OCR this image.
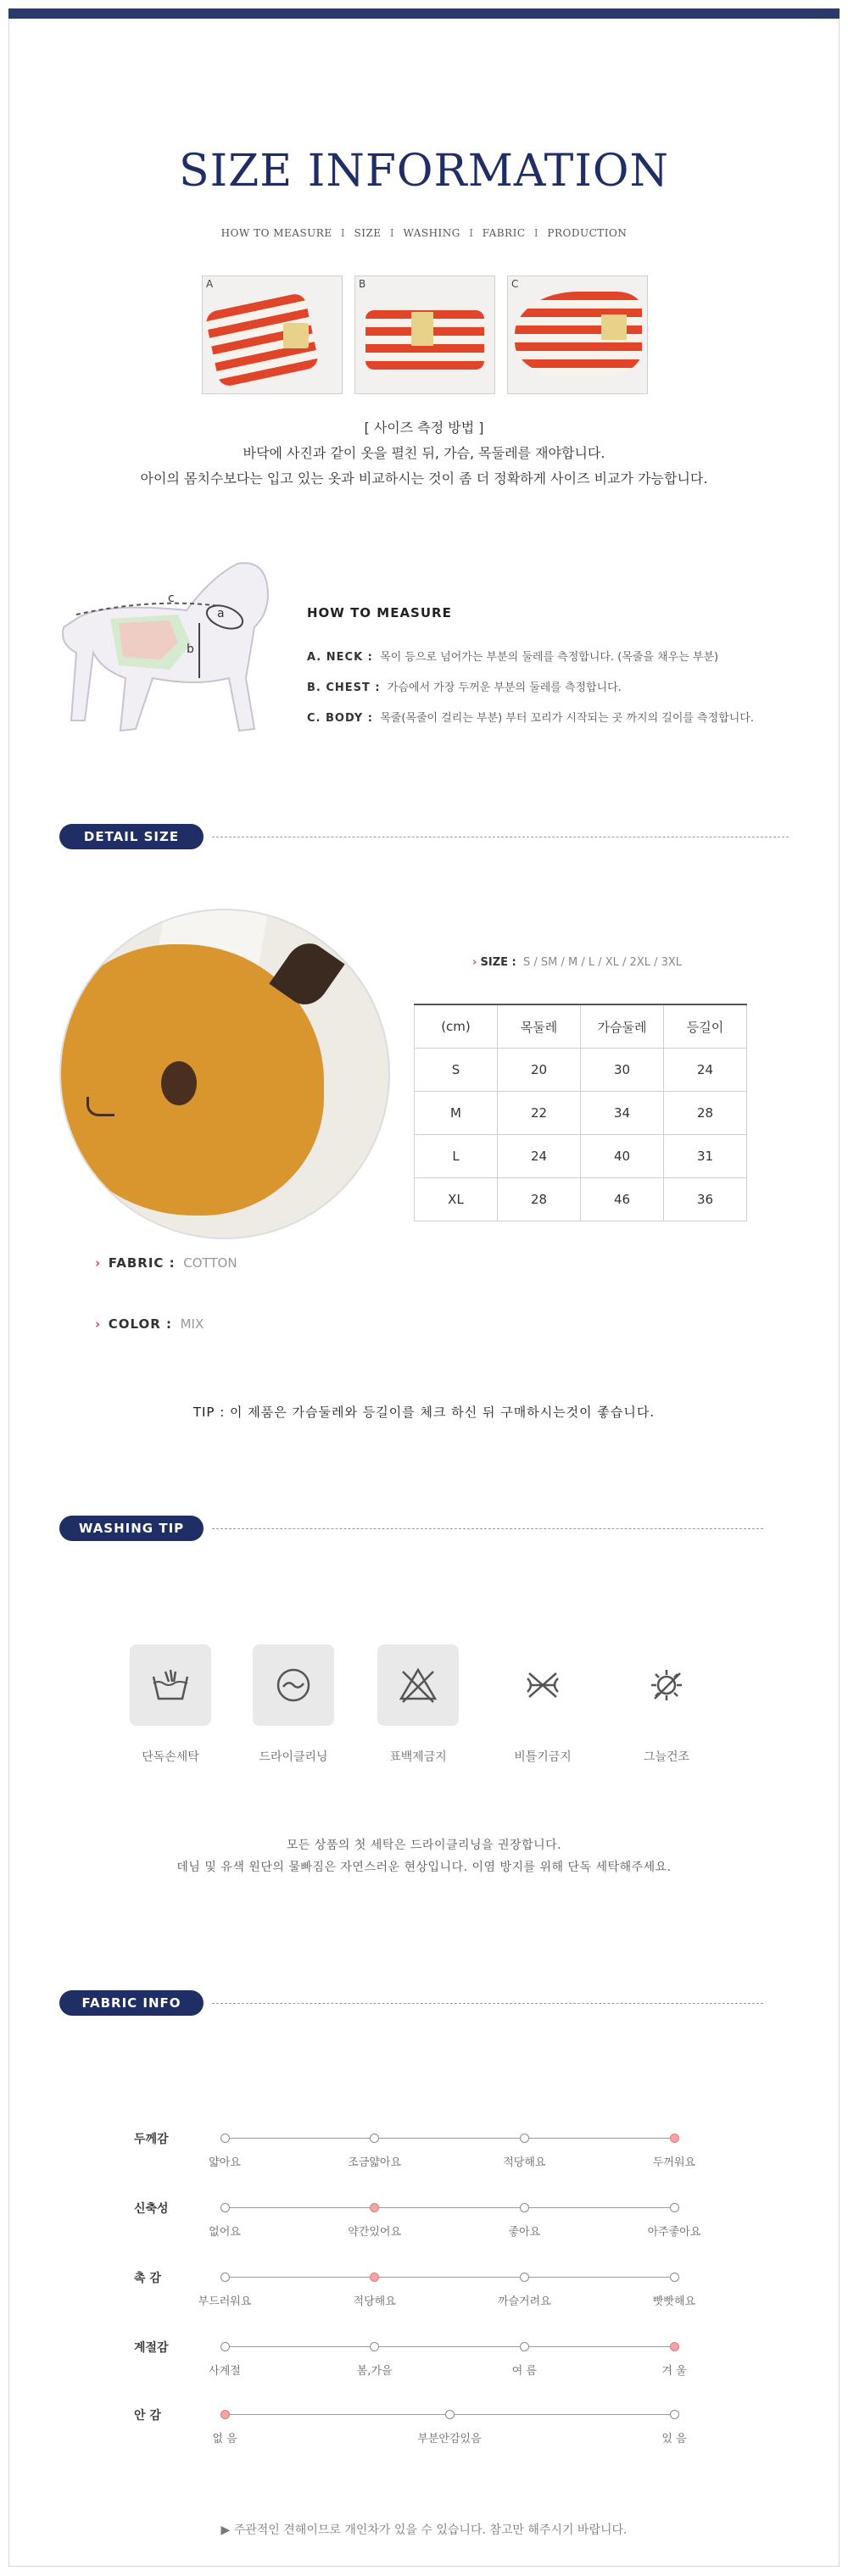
SIZE INFORMATION
HOW TO MEASURE I SIZE I WASHING I FABRIC I PRODUCTION
A	B	C
[ 사이즈 측정 방법 ]
바닥에 사진과 같이 옷을 펼친 뒤, 가슴, 목둘레를 재야합니다.
아이의 몸치수보다는 입고 있는 옷과 비교하시는 것이 좀 더 정확하게 사이즈 비교가 가능합니다.
c
a
b
HOW TO MEASURE
A. NECK : 목이 등으로 넘어가는 부분의 둘레를 측정합니다. (목줄을 채우는 부분)
B. CHEST : 가슴에서 가장 두꺼운 부분의 둘레를 측정합니다.
C. BODY : 목줄(목줄이 걸리는 부분) 부터 꼬리가 시작되는 곳 까지의 길이를 측정합니다.
DETAIL SIZE
› SIZE : S / SM / M / L / XL / 2XL / 3XL
(cm)	목둘레	가슴둘레	등길이
S	20	30	24
M	22	34	28
L	24	40	31
XL	28	46	36
› FABRIC : COTTON
› COLOR : MIX
TIP : 이 제품은 가슴둘레와 등길이를 체크 하신 뒤 구매하시는것이 좋습니다.
WASHING TIP
단독손세탁	드라이클리닝	표백제금지	비틀기금지	그늘건조
모든 상품의 첫 세탁은 드라이클리닝을 권장합니다.
데님 및 유색 원단의 물빠짐은 자연스러운 현상입니다. 이염 방지를 위해 단독 세탁해주세요.
FABRIC INFO
두께감
얇아요	조금얇아요	적당해요	두꺼워요
신축성
없어요	약간있어요	좋아요	아주좋아요
촉 감
부드러워요	적당해요	까슬거려요	빳빳해요
계절감
사계절	봄,가을	여 름	겨 울
안 감
없 음	부분안감있음	있 음
▶ 주관적인 견해이므로 개인차가 있을 수 있습니다. 참고만 해주시기 바랍니다.
